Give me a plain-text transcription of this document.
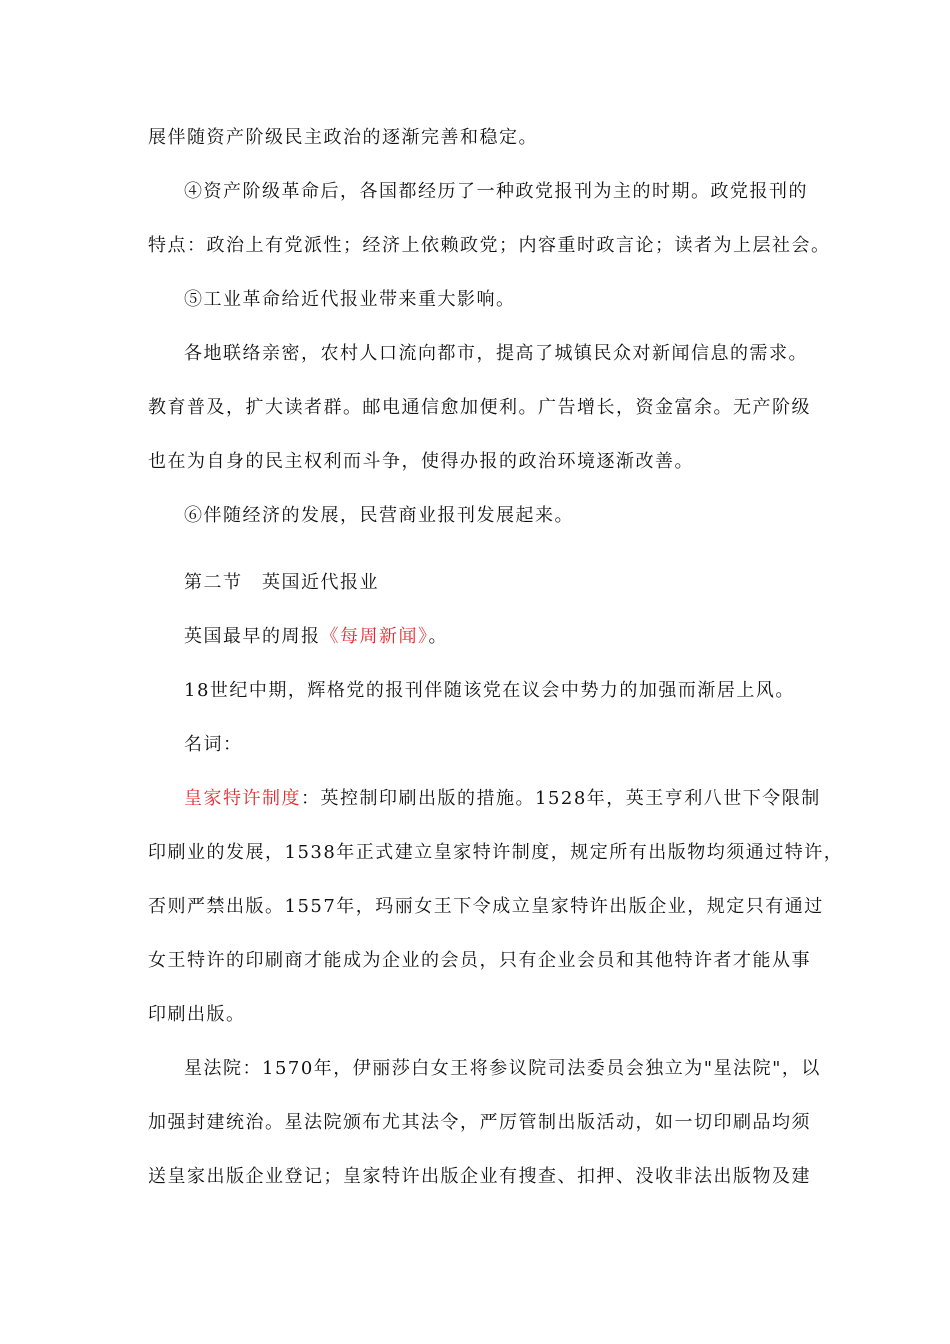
展伴随资产阶级民主政治的逐渐完善和稳定。
④资产阶级革命后，各国都经历了一种政党报刊为主的时期。政党报刊的
特点：政治上有党派性；经济上依赖政党；内容重时政言论；读者为上层社会。
⑤工业革命给近代报业带来重大影响。
各地联络亲密，农村人口流向都市，提高了城镇民众对新闻信息的需求。
教育普及，扩大读者群。邮电通信愈加便利。广告增长，资金富余。无产阶级
也在为自身的民主权利而斗争，使得办报的政治环境逐渐改善。
⑥伴随经济的发展，民营商业报刊发展起来。
第二节　英国近代报业
英国最早的周报《每周新闻》。
18世纪中期，辉格党的报刊伴随该党在议会中势力的加强而渐居上风。
名词：
皇家特许制度：英控制印刷出版的措施。1528年，英王亨利八世下令限制
印刷业的发展，1538年正式建立皇家特许制度，规定所有出版物均须通过特许，
否则严禁出版。1557年，玛丽女王下令成立皇家特许出版企业，规定只有通过
女王特许的印刷商才能成为企业的会员，只有企业会员和其他特许者才能从事
印刷出版。
星法院：1570年，伊丽莎白女王将参议院司法委员会独立为"星法院"，以
加强封建统治。星法院颁布尤其法令，严厉管制出版活动，如一切印刷品均须
送皇家出版企业登记；皇家特许出版企业有搜查、扣押、没收非法出版物及建
